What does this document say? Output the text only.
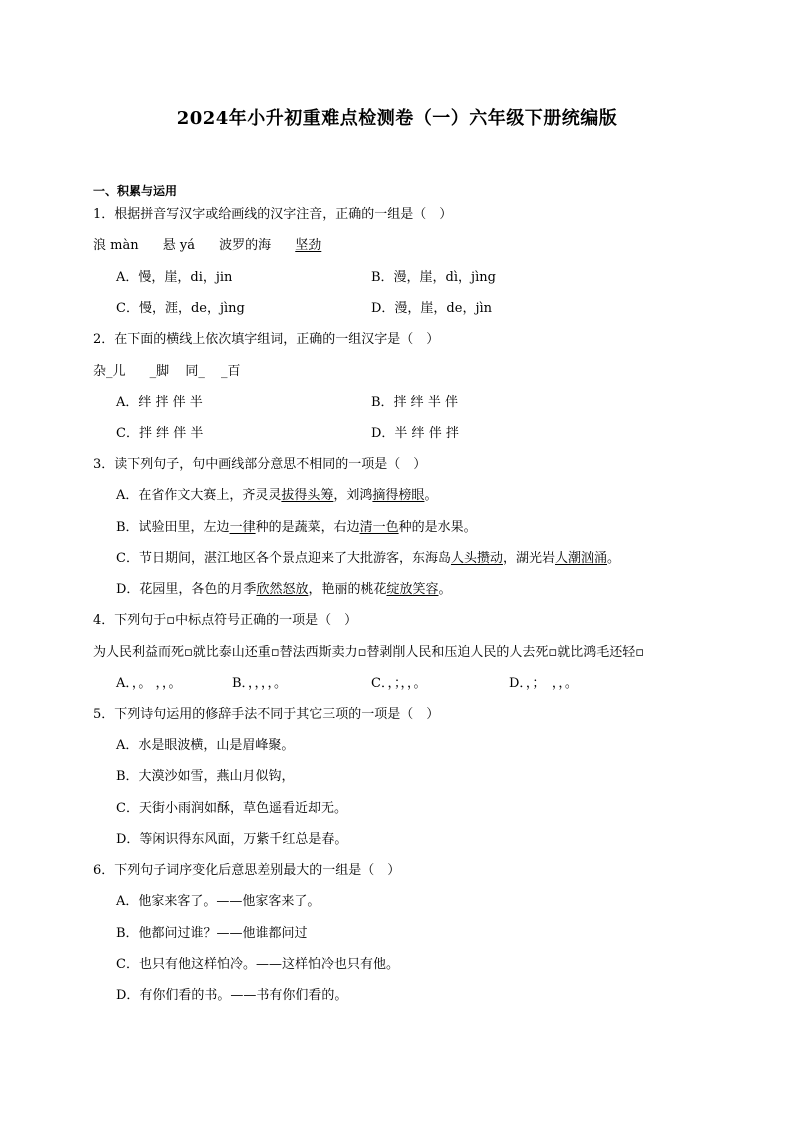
2024年小升初重难点检测卷（一）六年级下册统编版
一、积累与运用
1．根据拼音写汉字或给画线的汉字注音，正确的一组是（　）
浪 màn 悬 yá 波罗的海 坚劲
A．慢，崖，di，jin	B．漫，崖，dì，jìng
C．慢，涯，de，jìng	D．漫，崖，de，jìn
2．在下面的横线上依次填字组词，正确的一组汉字是（　）
杂_儿 _脚 同_ _百
A．绊 拌 伴 半	B．拌 绊 半 伴
C．拌 绊 伴 半	D．半 绊 伴 拌
3．读下列句子，句中画线部分意思不相同的一项是（　）
A．在省作文大赛上，齐灵灵拔得头筹，刘鸿摘得榜眼。
B．试验田里，左边一律种的是蔬菜，右边清一色种的是水果。
C．节日期间，湛江地区各个景点迎来了大批游客，东海岛人头攒动，湖光岩人潮汹涌。
D．花园里，各色的月季欣然怒放，艳丽的桃花绽放笑容。
4．下列句于▫中标点符号正确的一项是（　）
为人民利益而死▫就比泰山还重▫替法西斯卖力▫替剥削人民和压迫人民的人去死▫就比鸿毛还轻▫
A．，。 ，，。	B．，，，，。	C．，；，，。	D．，；　，，。
5．下列诗句运用的修辞手法不同于其它三项的一项是（　）
A．水是眼波横，山是眉峰聚。
B．大漠沙如雪，燕山月似钩，
C．天街小雨润如酥，草色遥看近却无。
D．等闲识得东风面，万紫千红总是春。
6．下列句子词序变化后意思差别最大的一组是（　）
A．他家来客了。——他家客来了。
B．他都问过谁？——他谁都问过
C．也只有他这样怕冷。——这样怕冷也只有他。
D．有你们看的书。——书有你们看的。
